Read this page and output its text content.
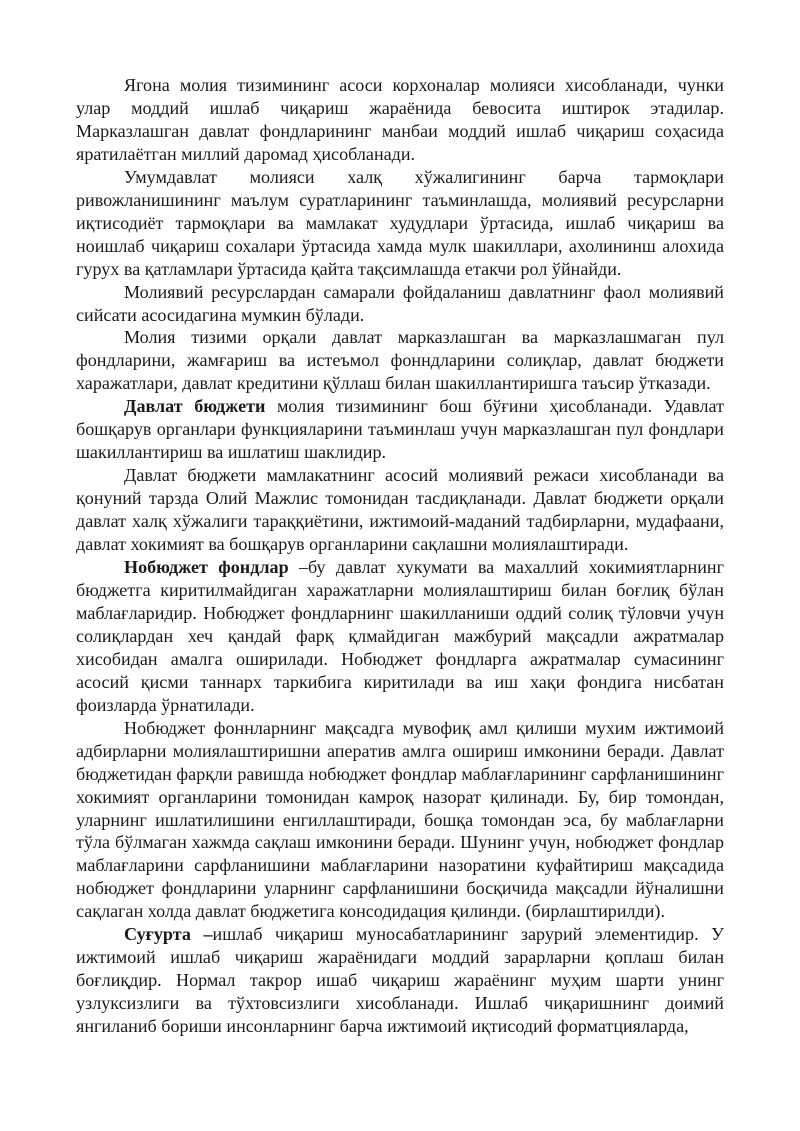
Ягона молия тизимининг асоси корхоналар молияси хисобланади, чунки улар моддий ишлаб чиқариш жараёнида бевосита иштирок этадилар. Марказлашган давлат фондларининг манбаи моддий ишлаб чиқариш соҳасида яратилаётган миллий даромад ҳисобланади.

Умумдавлат молияси халқ хўжалигининг барча тармоқлари ривожланишининг маълум суратларининг таъминлашда, молиявий ресурсларни иқтисодиёт тармоқлари ва мамлакат худудлари ўртасида, ишлаб чиқариш ва ноишлаб чиқариш сохалари ўртасида хамда мулк шакиллари, ахолининш алохида гурух ва қатламлари ўртасида қайта тақсимлашда етакчи рол ўйнайди.

Молиявий ресурслардан самарали фойдаланиш давлатнинг фаол молиявий сийсати асосидагина мумкин бўлади.

Молия тизими орқали давлат марказлашган ва марказлашмаган пул фондларини, жамғариш ва истеъмол фонндларини солиқлар, давлат бюджети харажатлари, давлат кредитини қўллаш билан шакиллантиришга таъсир ўтказади.

Давлат бюджети молия тизимининг бош бўғини ҳисобланади. Удавлат бошқарув органлари функцияларини таъминлаш учун марказлашган пул фондлари шакиллантириш ва ишлатиш шаклидир.

Давлат бюджети мамлакатнинг асосий молиявий режаси хисобланади ва қонуний тарзда Олий Мажлис томонидан тасдиқланади. Давлат бюджети орқали давлат халқ хўжалиги тараққиётини, ижтимоий-маданий тадбирларни, мудафаани, давлат хокимият ва бошқарув органларини сақлашни молиялаштиради.

Нобюджет фондлар –бу давлат хукумати ва махаллий хокимиятларнинг бюджетга киритилмайдиган харажатларни молиялаштириш билан боғлиқ бўлан маблағларидир. Нобюджет фондларнинг шакилланиши оддий солиқ тўловчи учун солиқлардан хеч қандай фарқ қлмайдиган мажбурий мақсадли ажратмалар хисобидан амалга оширилади. Нобюджет фондларга ажратмалар сумасининг асосий қисми таннарх таркибига киритилади ва иш хақи фондига нисбатан фоизларда ўрнатилади.

Нобюджет фоннларнинг мақсадга мувофиқ амл қилиши мухим ижтимоий адбирларни молиялаштиришни аперaтив амлга ошириш имконини беради. Давлат бюджетидан фарқли равишда нобюджет фондлар маблағларининг сарфланишининг хокимият органларини томонидан камроқ назорат қилинади. Бу, бир томондан, уларнинг ишлатилишини енгиллаштиради, бошқа томондан эса, бу маблағларни тўла бўлмаган хажмда сақлаш имконини беради. Шунинг учун, нобюджет фондлар маблағларини сарфланишини маблағларини назоратини куфайтириш мақсадида нобюджет фондларини уларнинг сарфланишини босқичида мақсадли йўналишни сақлаган холда давлат бюджетига консодидация қилинди. (бирлаштирилди).

Суғурта –ишлаб чиқариш муносабатларининг зарурий элементидир. У ижтимоий ишлаб чиқариш жараёнидаги моддий зарарларни қоплаш билан боғлиқдир. Нормал такрор ишаб чиқариш жараёнинг муҳим шарти унинг узлуксизлиги ва тўхтовсизлиги хисобланади. Ишлаб чиқаришнинг доимий янгиланиб бориши инсонларнинг барча ижтимоий иқтисодий форматцияларда,
